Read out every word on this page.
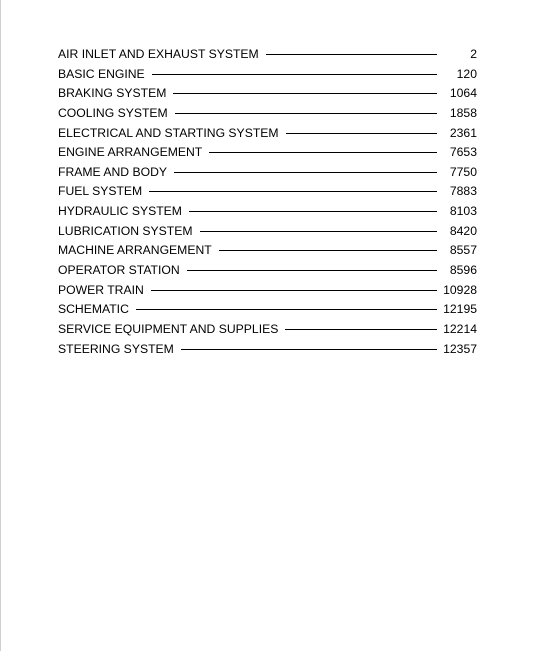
AIR INLET AND EXHAUST SYSTEM	2
BASIC ENGINE	120
BRAKING SYSTEM	1064
COOLING SYSTEM	1858
ELECTRICAL AND STARTING SYSTEM	2361
ENGINE ARRANGEMENT	7653
FRAME AND BODY	7750
FUEL SYSTEM	7883
HYDRAULIC SYSTEM	8103
LUBRICATION SYSTEM	8420
MACHINE ARRANGEMENT	8557
OPERATOR STATION	8596
POWER TRAIN	10928
SCHEMATIC	12195
SERVICE EQUIPMENT AND SUPPLIES	12214
STEERING SYSTEM	12357
